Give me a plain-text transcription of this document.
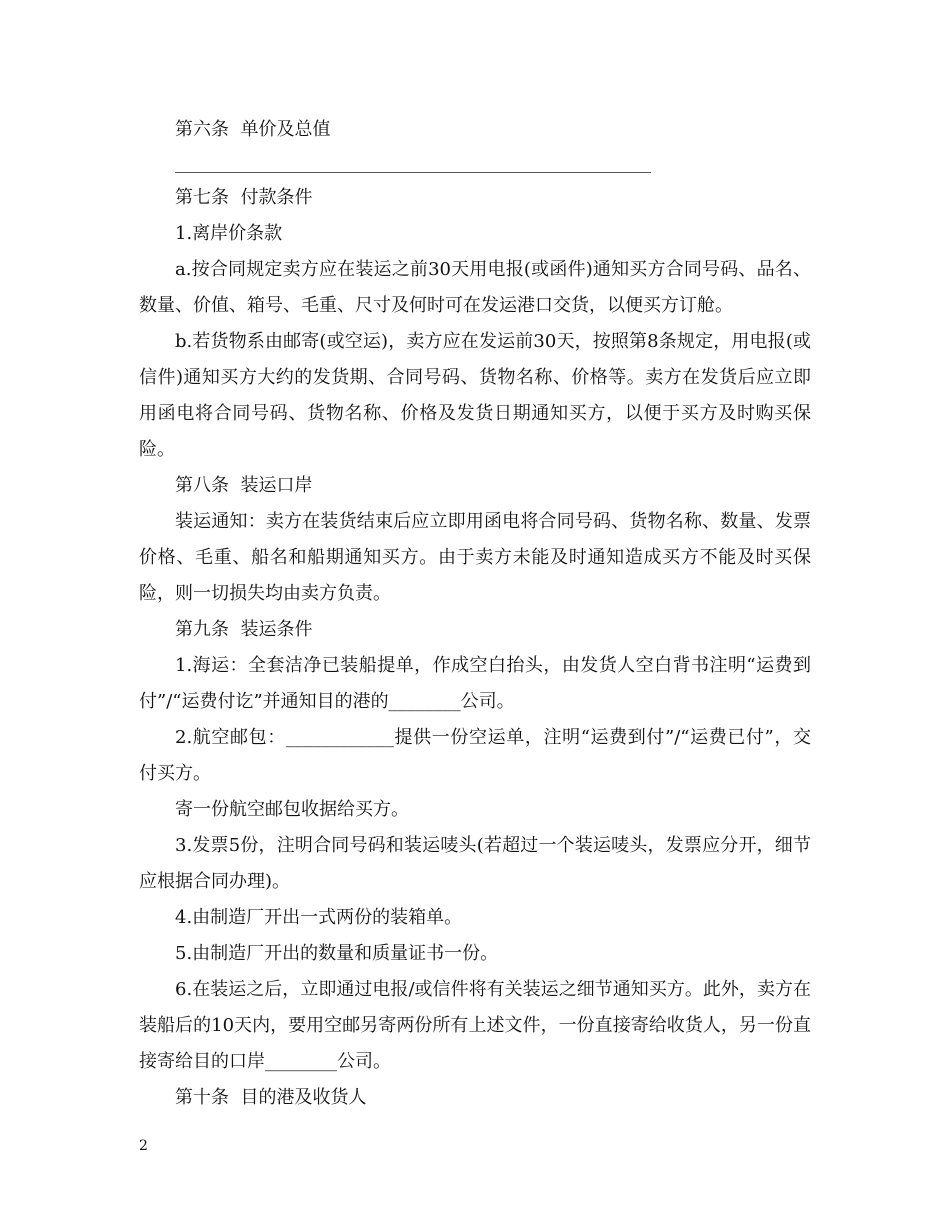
第六条  单价及总值

第七条  付款条件

1.离岸价条款

a.按合同规定卖方应在装运之前30天用电报(或函件)通知买方合同号码、品名、数量、价值、箱号、毛重、尺寸及何时可在发运港口交货，以便买方订舱。

b.若货物系由邮寄(或空运)，卖方应在发运前30天，按照第8条规定，用电报(或信件)通知买方大约的发货期、合同号码、货物名称、价格等。卖方在发货后应立即用函电将合同号码、货物名称、价格及发货日期通知买方，以便于买方及时购买保险。

第八条  装运口岸

装运通知：卖方在装货结束后应立即用函电将合同号码、货物名称、数量、发票价格、毛重、船名和船期通知买方。由于卖方未能及时通知造成买方不能及时买保险，则一切损失均由卖方负责。

第九条  装运条件

1.海运：全套洁净已装船提单，作成空白抬头，由发货人空白背书注明“运费到付”/“运费付讫”并通知目的港的________公司。

2.航空邮包：____________提供一份空运单，注明“运费到付”/“运费已付”，交付买方。

寄一份航空邮包收据给买方。

3.发票5份，注明合同号码和装运唛头(若超过一个装运唛头，发票应分开，细节应根据合同办理)。

4.由制造厂开出一式两份的装箱单。

5.由制造厂开出的数量和质量证书一份。

6.在装运之后，立即通过电报/或信件将有关装运之细节通知买方。此外，卖方在装船后的10天内，要用空邮另寄两份所有上述文件，一份直接寄给收货人，另一份直接寄给目的口岸________公司。

第十条  目的港及收货人

2
